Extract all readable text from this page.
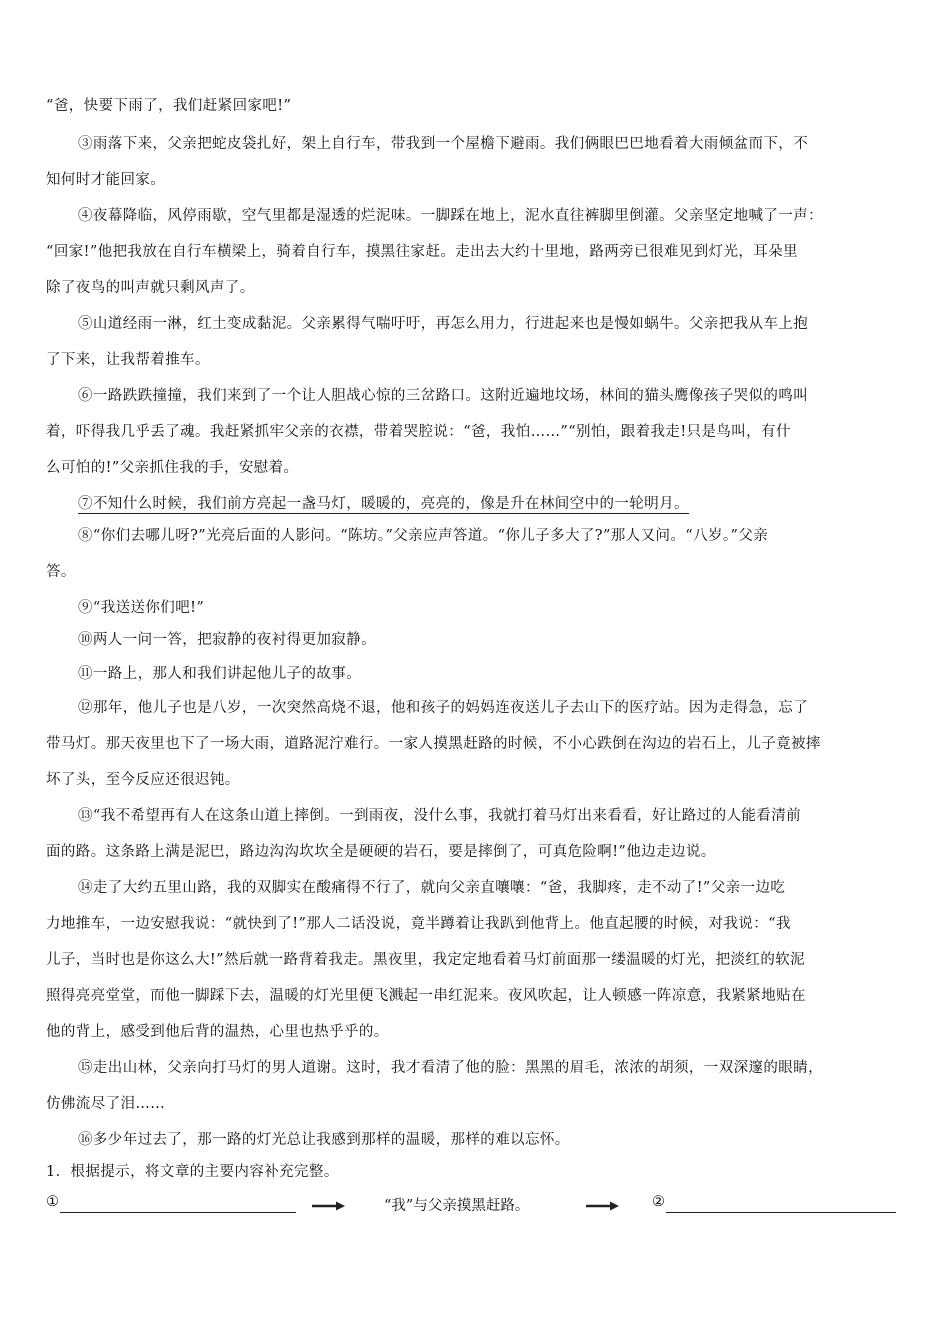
“爸，快要下雨了，我们赶紧回家吧!”
③雨落下来，父亲把蛇皮袋扎好，架上自行车，带我到一个屋檐下避雨。我们俩眼巴巴地看着大雨倾盆而下，不
知何时才能回家。
④夜幕降临，风停雨歇，空气里都是湿透的烂泥味。一脚踩在地上，泥水直往裤脚里倒灌。父亲坚定地喊了一声：
“回家!”他把我放在自行车横梁上，骑着自行车，摸黑往家赶。走出去大约十里地，路两旁已很难见到灯光，耳朵里
除了夜鸟的叫声就只剩风声了。
⑤山道经雨一淋，红土变成黏泥。父亲累得气喘吁吁，再怎么用力，行进起来也是慢如蜗牛。父亲把我从车上抱
了下来，让我帮着推车。
⑥一路跌跌撞撞，我们来到了一个让人胆战心惊的三岔路口。这附近遍地坟场，林间的猫头鹰像孩子哭似的鸣叫
着，吓得我几乎丢了魂。我赶紧抓牢父亲的衣襟，带着哭腔说：“爸，我怕……”“别怕，跟着我走!只是鸟叫，有什
么可怕的!”父亲抓住我的手，安慰着。
⑦不知什么时候，我们前方亮起一盏马灯，暖暖的，亮亮的，像是升在林间空中的一轮明月。
⑧“你们去哪儿呀?”光亮后面的人影问。“陈坊。”父亲应声答道。“你儿子多大了?”那人又问。“八岁。”父亲
答。
⑨“我送送你们吧!”
⑩两人一问一答，把寂静的夜衬得更加寂静。
⑪一路上，那人和我们讲起他儿子的故事。
⑫那年，他儿子也是八岁，一次突然高烧不退，他和孩子的妈妈连夜送儿子去山下的医疗站。因为走得急，忘了
带马灯。那天夜里也下了一场大雨，道路泥泞难行。一家人摸黑赶路的时候，不小心跌倒在沟边的岩石上，儿子竟被摔
坏了头，至今反应还很迟钝。
⑬“我不希望再有人在这条山道上摔倒。一到雨夜，没什么事，我就打着马灯出来看看，好让路过的人能看清前
面的路。这条路上满是泥巴，路边沟沟坎坎全是硬硬的岩石，要是摔倒了，可真危险啊!”他边走边说。
⑭走了大约五里山路，我的双脚实在酸痛得不行了，就向父亲直嚷嚷：“爸，我脚疼，走不动了!”父亲一边吃
力地推车，一边安慰我说：“就快到了!”那人二话没说，竟半蹲着让我趴到他背上。他直起腰的时候，对我说：“我
儿子，当时也是你这么大!”然后就一路背着我走。黑夜里，我定定地看着马灯前面那一缕温暖的灯光，把淡红的软泥
照得亮亮堂堂，而他一脚踩下去，温暖的灯光里便飞溅起一串红泥来。夜风吹起，让人顿感一阵凉意，我紧紧地贴在
他的背上，感受到他后背的温热，心里也热乎乎的。
⑮走出山林，父亲向打马灯的男人道谢。这时，我才看清了他的脸：黑黑的眉毛，浓浓的胡须，一双深邃的眼睛，
仿佛流尽了泪……
⑯多少年过去了，那一路的灯光总让我感到那样的温暖，那样的难以忘怀。
1．根据提示，将文章的主要内容补充完整。
①	“我”与父亲摸黑赶路。	②
